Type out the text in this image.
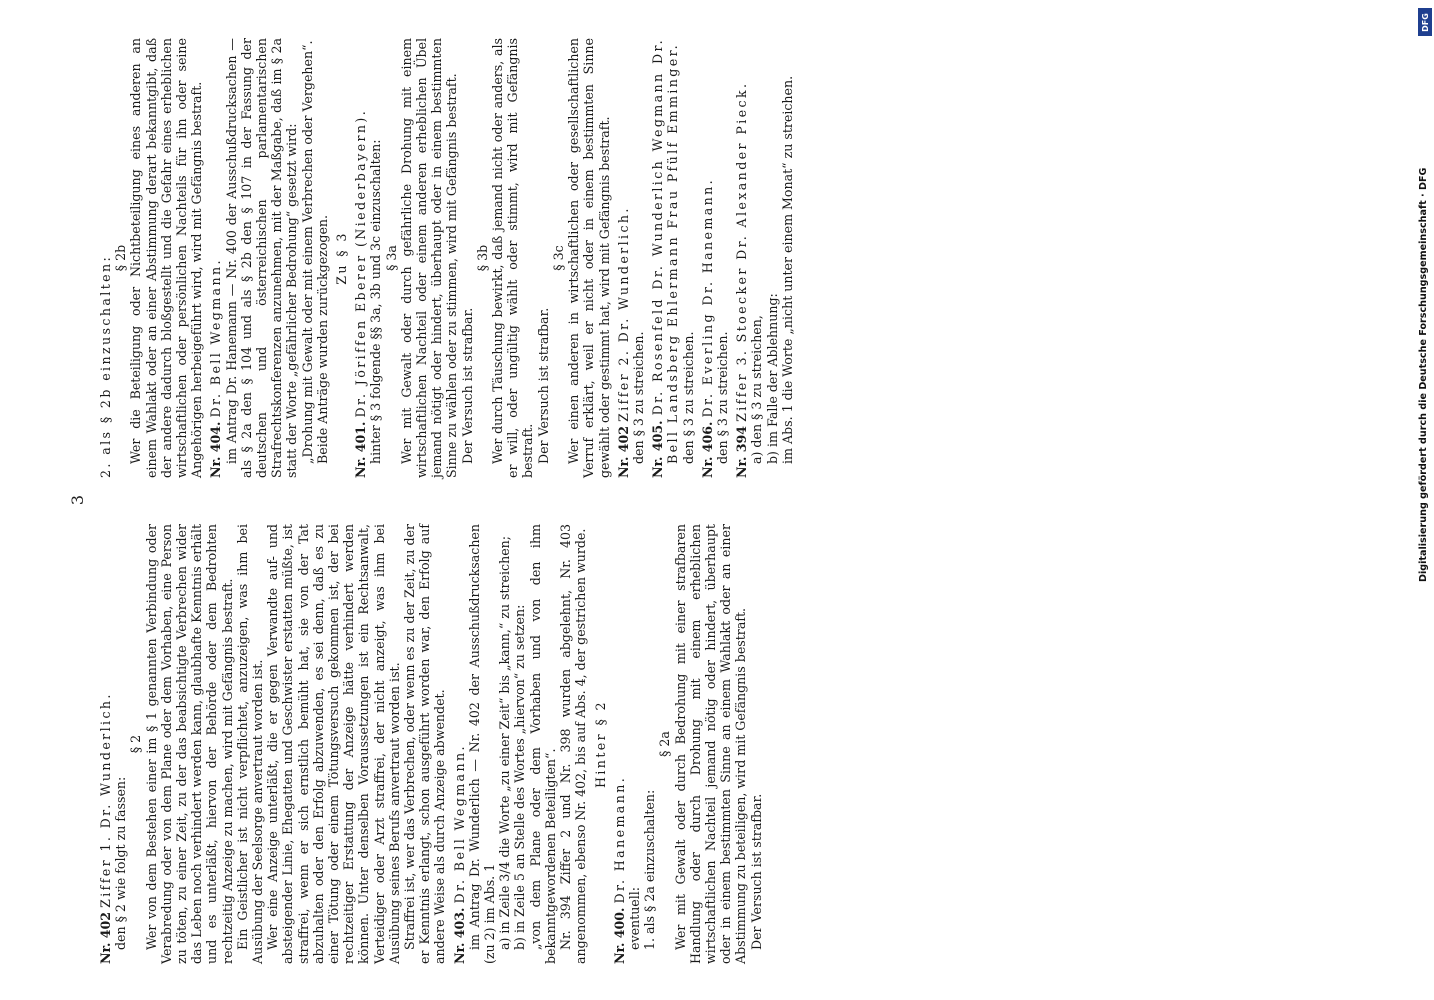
3
Nr. 402 Ziffer 1. Dr. Wunderlich. den § 2 wie folgt zu fassen:
§ 2 Wer von dem Bestehen einer im § 1 genannten Verbindung oder Verabredung oder von dem Plane oder dem Vorhaben, eine Person zu töten, zu einer Zeit, zu der das beabsichtigte Verbrechen wider das Leben noch verhindert werden kann, glaubhafte Kenntnis erhält und es unterläßt, hiervon der Behörde oder dem Bedrohten rechtzeitig Anzeige zu machen, wird mit Gefängnis bestraft. Ein Geistlicher ist nicht verpflichtet, anzuzeigen, was ihm bei Ausübung der Seelsorge anvertraut worden ist. Wer eine Anzeige unterläßt, die er gegen Verwandte auf- und absteigender Linie, Ehegatten und Geschwister erstatten müßte, ist straffrei, wenn er sich ernstlich bemüht hat, sie von der Tat abzuhalten oder den Erfolg abzuwenden, es sei denn, daß es zu einer Tötung oder einem Tötungsversuch gekommen ist, der bei rechtzeitiger Erstattung der Anzeige hätte verhindert werden können. Unter denselben Voraussetzungen ist ein Rechtsanwalt, Verteidiger oder Arzt straffrei, der nicht anzeigt, was ihm bei Ausübung seines Berufs anvertraut worden ist. Straffrei ist, wer das Verbrechen, oder wenn es zu der Zeit, zu der er Kenntnis erlangt, schon ausgeführt worden war, den Erfolg auf andere Weise als durch Anzeige abwendet. Nr. 403. Dr. Bell Wegmann. im Antrag Dr. Wunderlich — Nr. 402 der Ausschußdrucksachen (zu 2) im Abs. 1 a) in Zeile 3/4 die Worte „zu einer Zeit“ bis „kann,“ zu streichen; b) in Zeile 5 an Stelle des Wortes „hiervon“ zu setzen: „von dem Plane oder dem Vorhaben und von den ihm bekanntgewordenen Beteiligten“. Nr. 394 Ziffer 2 und Nr. 398 wurden abgelehnt, Nr. 403 angenommen, ebenso Nr. 402, bis auf Abs. 4, der gestrichen wurde. Hinter § 2
Nr. 400. Dr. Hanemann.
eventuell: 1. als § 2a einzuschalten:
§ 2a Wer mit Gewalt oder durch Bedrohung mit einer strafbaren Handlung oder durch Drohung mit einem erheblichen wirtschaftlichen Nachteil jemand nötig oder hindert, überhaupt oder in einem bestimmten Sinne an einem Wahlakt oder an einer Abstimmung zu beteiligen, wird mit Gefängnis bestraft. Der Versuch ist strafbar.
2. als § 2b einzuschalten: § 2b Wer die Beteiligung oder Nichtbeteiligung eines anderen an einem Wahlakt oder an einer Abstimmung derart bekanntgibt, daß der andere dadurch bloßgestellt und die Gefahr eines erheblichen wirtschaftlichen oder persönlichen Nachteils für ihn oder seine Angehörigen herbeigeführt wird, wird mit Gefängnis bestraft. Nr. 404. Dr. Bell Wegmann. im Antrag Dr. Hanemann — Nr. 400 der Ausschußdrucksachen — als § 2a den § 104 und als § 2b den § 107 in der Fassung der deutschen und österreichischen parlamentarischen Strafrechtskonferenzen anzunehmen, mit der Maßgabe, daß im § 2a statt der Worte „gefährlicher Bedrohung“ gesetzt wird: „Drohung mit Gewalt oder mit einem Verbrechen oder Vergehen“. Beide Anträge wurden zurückgezogen. Zu § 3
Nr. 401. Dr. Jöriffen Eberer (Niederbayern). hinter § 3 folgende §§ 3a, 3b und 3c einzuschalten: § 3a Wer mit Gewalt oder durch gefährliche Drohung mit einem wirtschaftlichen Nachteil oder einem anderen erheblichen Übel jemand nötigt oder hindert, überhaupt oder in einem bestimmten Sinne zu wählen oder zu stimmen, wird mit Gefängnis bestraft. Der Versuch ist strafbar.
§ 3b Wer durch Täuschung bewirkt, daß jemand nicht oder anders, als er will, oder ungültig wählt oder stimmt, wird mit Gefängnis bestraft. Der Versuch ist strafbar.
§ 3c Wer einen anderen in wirtschaftlichen oder gesellschaftlichen Verruf erklärt, weil er nicht oder in einem bestimmten Sinne gewählt oder gestimmt hat, wird mit Gefängnis bestraft. Nr. 402 Ziffer 2. Dr. Wunderlich. den § 3 zu streichen. Nr. 405. Dr. Rosenfeld Dr. Wunderlich Wegmann Dr. Bell Landsberg Ehlermann Frau Pfülf Emminger. den § 3 zu streichen. Nr. 406. Dr. Everling Dr. Hanemann. den § 3 zu streichen. Nr. 394 Ziffer 3. Stoecker Dr. Alexander Pieck. a) den § 3 zu streichen, b) im Falle der Ablehnung: im Abs. 1 die Worte „nicht unter einem Monat“ zu streichen.
DFG
Digitalisierung gefördert durch die Deutsche Forschungsgemeinschaft · DFG
